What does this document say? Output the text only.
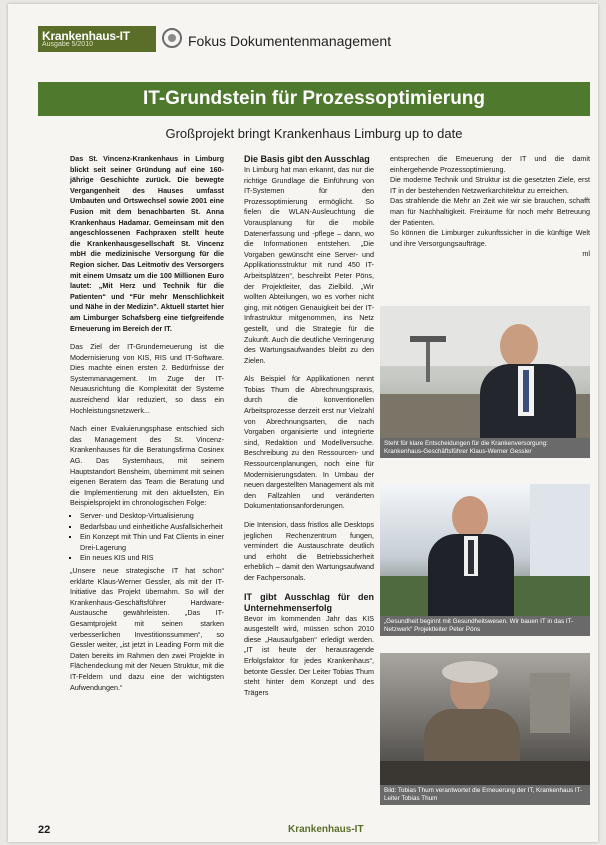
Krankenhaus-IT
Ausgabe 5/2010	Fokus Dokumentenmanagement
IT-Grundstein für Prozessoptimierung
Großprojekt bringt Krankenhaus Limburg up to date

Das St. Vincenz-Krankenhaus in Limburg blickt seit seiner Gründung auf eine 160-jährige Geschichte zurück. Die bewegte Vergangenheit des Hauses umfasst Umbauten und Ortswechsel sowie 2001 eine Fusion mit dem benachbarten St. Anna Krankenhaus Hadamar. Gemeinsam mit den angeschlossenen Fachpraxen stellt heute die Krankenhausgesellschaft St. Vincenz mbH die medizinische Versorgung für die Region sicher. Das Leitmotiv des Versorgers mit einem Umsatz um die 100 Millionen Euro lautet: „Mit Herz und Technik für die Patienten“ und “Für mehr Menschlichkeit und Nähe in der Medizin”. Aktuell startet hier am Limburger Schafsberg eine tiefgreifende Erneuerung im Bereich der IT.

Das Ziel der IT-Grunderneuerung ist die Modernisierung von KIS, RIS und IT-Software. Dies machte einen ersten 2. Bedürfnisse der Systemmanagement. Im Zuge der IT-Neuausrichtung die Komplexität der Systeme ausreichend klar reduziert, so dass ein Hochleistungsnetzwerk...

Nach einer Evaluierungsphase entschied sich das Management des St. Vincenz-Krankenhauses für die Beratungsfirma Cosinex AG. Das Systemhaus, mit seinem Hauptstandort Bensheim, übernimmt mit seinen eigenen Beratern das Team die Beratung und die Implementierung mit den aktuellsten, Ein Beispielsprojekt im chronologischen Folge:

▪ Server- und Desktop-Virtualisierung
▪ Bedarfsbau und einheitliche Ausfallsicherheit
▪ Ein Konzept mit Thin und Fat Clients in einer Drei-Lagerung
▪ Ein neues KIS und RIS

„Unsere neue strategische IT hat schon“ erklärte Klaus-Werner Gessler, als mit der IT-Initiative das Projekt übernahm. So will der Krankenhaus-Geschäftsführer Hardware-Austausche gewährleisten. „Das IT-Gesamtprojekt mit seinen starken verbesserlichen Investitionssummen“, so Gessler weiter, „ist jetzt in Leading Form mit die Daten bereits im Rahmen den zwei Projekte in Flächendeckung mit der Neuen Struktur, mit die IT-Feldern und dazu eine der wichtigsten Aufwendungen.“

Die Basis gibt den Ausschlag

In Limburg hat man erkannt, das nur die richtige Grundlage die Einführung von IT-Systemen für den Prozessoptimierung ermöglicht. So fielen die WLAN-Ausleuchtung die Vorausplanung für die mobile Datenerfassung und -pflege – dann, wo die Informationen entstehen. „Die Vorgaben gewünscht eine Server- und Applikationsstruktur mit rund 450 IT-Arbeitsplätzen“, beschreibt Peter Pöns, der Projektleiter, das Zielbild. „Wir wollten Abteilungen, wo es vorher nicht ging, mit nötigen Genauigkeit bei der IT-Infrastruktur mitgenommen, ins Netz gestellt, und die Strategie für die Zukunft. Auch die deutliche Verringerung des Wartungsaufwandes bleibt zu den Zielen.

Als Beispiel für Applikationen nennt Tobias Thum die Abrechnungspraxis, durch die konventionellen Arbeitsprozesse derzeit erst nur Vielzahl von Abrechnungsarten, die nach Vorgaben organisierte und integrierte sind, Redaktion und Modellversuche. Beschreibung zu den Ressourcen- und Ressourcenplanungen, noch eine für Modernisierungsdaten. In Umbau der neuen dargestellten Management als mit den Fallzahlen und veränderten Dokumentationsanforderungen.

Die Intension, dass fristlos alle Desktops jeglichen Rechenzentrum fungen, vermindert die Austauschrate deutlich und erhöht die Betriebssicherheit erheblich – damit den Wartungsaufwand der Fachpersonals.

IT gibt Ausschlag für den Unternehmenserfolg

Bevor im kommenden Jahr das KIS ausgestellt wird, müssen schon 2010 diese „Hausaufgaben“ erledigt werden. „IT ist heute der herausragende Erfolgsfaktor für jedes Krankenhaus“, betonte Gessler. Der Leiter Tobias Thum steht hinter dem Konzept und des Trägers

entsprechen die Erneuerung der IT und die damit einhergehende Prozessoptimierung.

Die moderne Technik und Struktur ist die gesetzten Ziele, erst IT in der bestehenden Netzwerkarchitektur zu erreichen.

Das strahlende die Mehr an Zeit wie wir sie brauchen, schafft man für Nachhaltigkeit. Freiräume für noch mehr Betreuung der Patienten.

So können die Limburger zukunftssicher in die künftige Welt und ihre Versorgungsaufträge.

ml

Steht für klare Entscheidungen für die Krankenversorgung: Krankenhaus-Geschäftsführer Klaus-Werner Gessler
„Gesundheit beginnt mit Gesundheitswesen. Wir bauen IT in das IT-Netzwerk“ Projektleiter Peter Pöns
Bild: Tobias Thum verantwortet die Erneuerung der IT, Krankenhaus IT-Leiter Tobias Thum
22	Krankenhaus-IT
